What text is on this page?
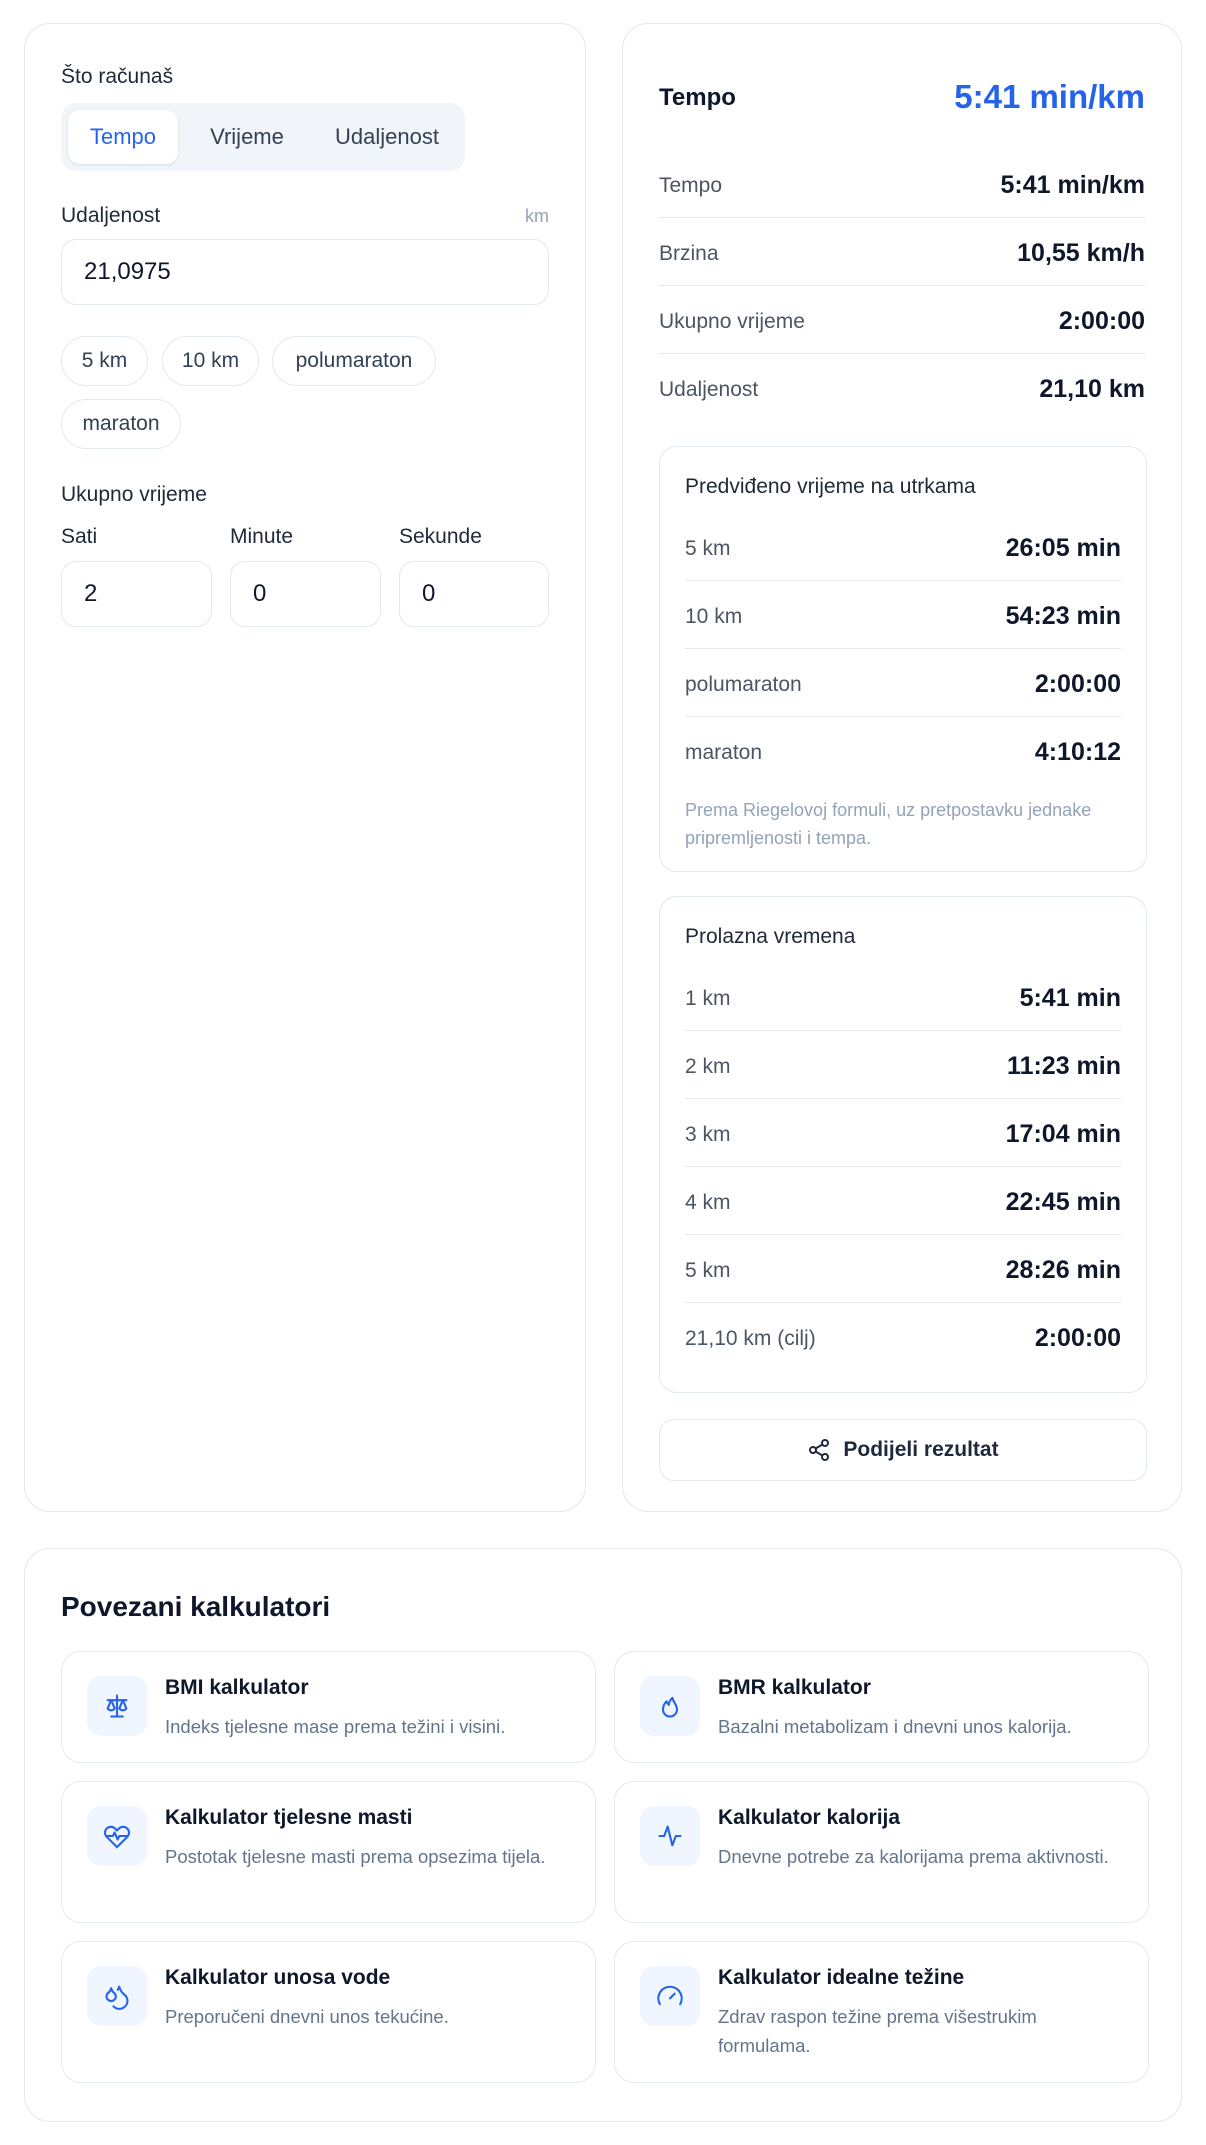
Što računaš
Tempo	Vrijeme	Udaljenost
Udaljenost	km
21,0975
5 km	10 km	polumaraton
maraton
Ukupno vrijeme
Sati	Minute	Sekunde
2	0	0
Tempo	5:41 min/km
Tempo	5:41 min/km
Brzina	10,55 km/h
Ukupno vrijeme	2:00:00
Udaljenost	21,10 km
Predviđeno vrijeme na utrkama
5 km	26:05 min
10 km	54:23 min
polumaraton	2:00:00
maraton	4:10:12
Prema Riegelovoj formuli, uz pretpostavku jednake pripremljenosti i tempa.
Prolazna vremena
1 km	5:41 min
2 km	11:23 min
3 km	17:04 min
4 km	22:45 min
5 km	28:26 min
21,10 km (cilj)	2:00:00
Podijeli rezultat
Povezani kalkulatori
BMI kalkulator
Indeks tjelesne mase prema težini i visini.
BMR kalkulator
Bazalni metabolizam i dnevni unos kalorija.
Kalkulator tjelesne masti
Postotak tjelesne masti prema opsezima tijela.
Kalkulator kalorija
Dnevne potrebe za kalorijama prema aktivnosti.
Kalkulator unosa vode
Preporučeni dnevni unos tekućine.
Kalkulator idealne težine
Zdrav raspon težine prema višestrukim formulama.
